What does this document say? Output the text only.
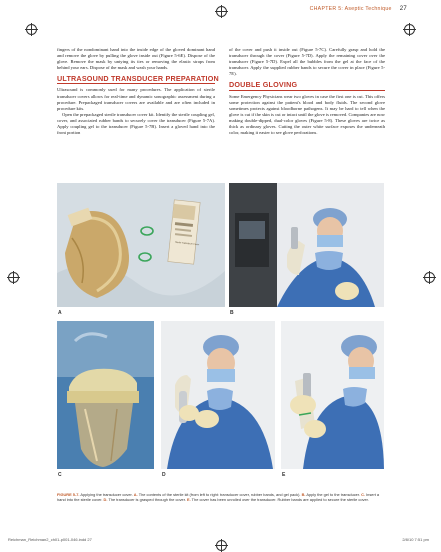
CHAPTER 5: Aseptic Technique 27

fingers of the nondominant hand into the inside edge of the gloved dominant hand and remove the glove by pulling the glove inside out (Figure 5-6E). Dispose of the glove. Remove the mask by untying its ties or removing the elastic straps from behind your ears. Dispose of the mask and wash your hands.

ULTRASOUND TRANSDUCER PREPARATION

Ultrasound is commonly used for many procedures. The application of sterile transducer covers allows for real-time and dynamic sonographic assessment during a procedure. Prepackaged transducer covers are available and are often included in procedure kits.

Open the prepackaged sterile transducer cover kit. Identify the sterile coupling gel, cover, and associated rubber bands to securely cover the transducer (Figure 5-7A). Apply coupling gel to the transducer (Figure 5-7B). Insert a gloved hand into the front portion

of the cover and push it inside out (Figure 5-7C). Carefully grasp and hold the transducer through the cover (Figure 5-7D). Apply the remaining cover over the transducer (Figure 5-7D). Expel all the bubbles from the gel at the face of the transducer. Apply the supplied rubber bands to secure the cover in place (Figure 5-7E).

DOUBLE GLOVING

Some Emergency Physicians wear two gloves in case the first one is cut. This offers some protection against the patient's blood and body fluids. The second glove sometimes protects against bloodborne pathogens. It may be hard to tell when the glove is cut if the skin is cut or intact until the glove is removed. Companies are now making double-dipped, dual-color gloves (Figure 5-8). These gloves are twice as thick as ordinary gloves. Cutting the outer white surface exposes the underneath color, making it easier to see glove perforations.

Sterile Transducer Cover
A	B
C	D	E
FIGURE 5-7. Applying the transducer cover. A. The contents of the sterile kit (from left to right: transducer cover, rubber bands, and gel pack). B. Apply the gel to the transducer. C. Insert a hand into the sterile cover. D. The transducer is grasped through the cover. E. The cover has been unrolled over the transducer. Rubber bands are applied to secure the sterile cover.
Reichman_Reichman2_ch01-p001-046.indd 27	2/8/10 7:51 pm
